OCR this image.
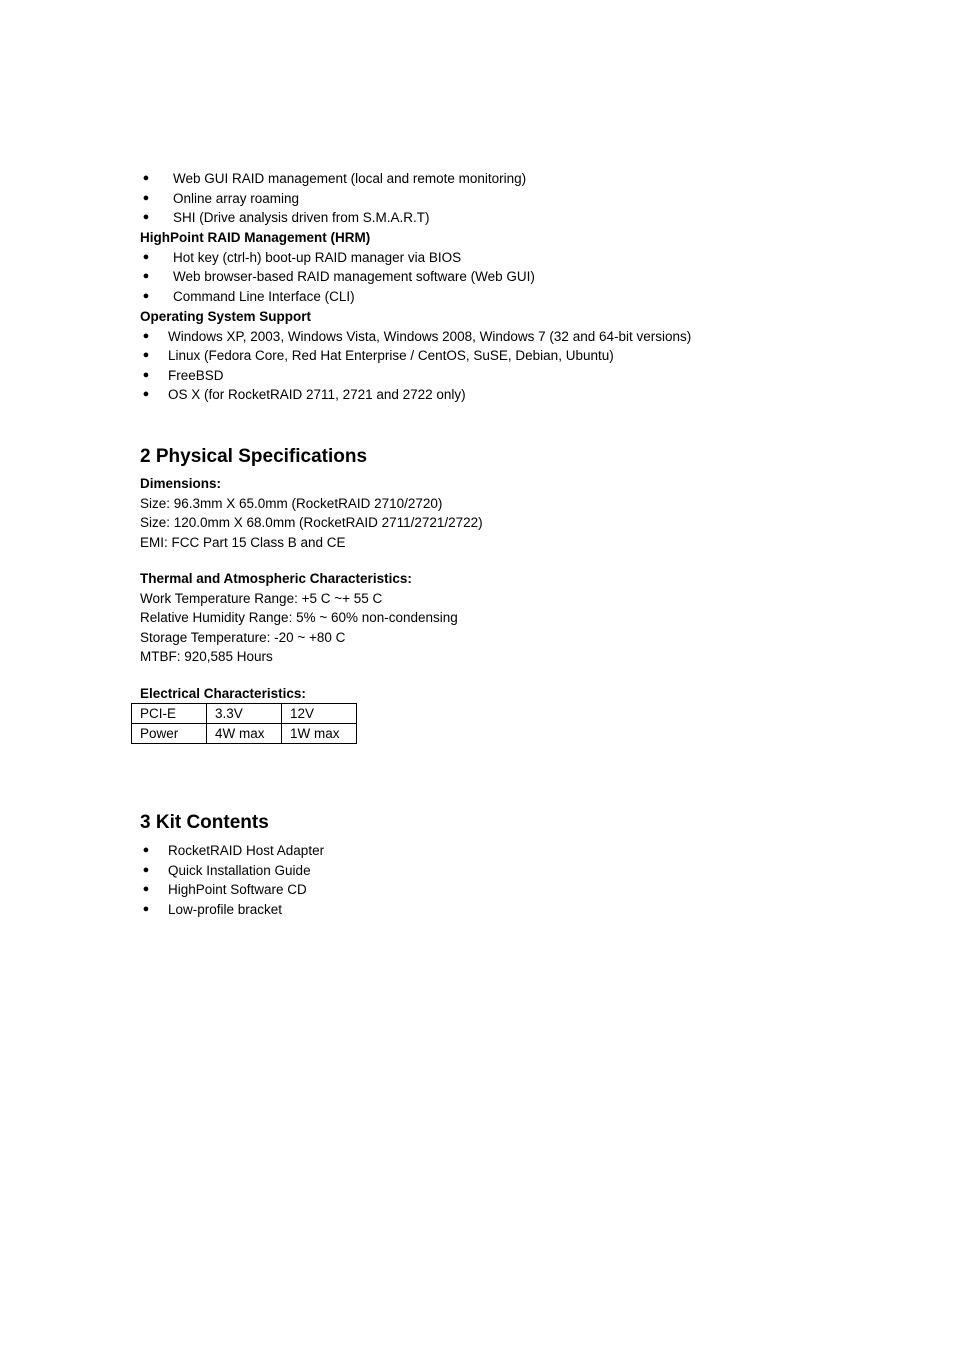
● Web GUI RAID management (local and remote monitoring)
● Online array roaming
● SHI (Drive analysis driven from S.M.A.R.T)
HighPoint RAID Management (HRM)
● Hot key (ctrl-h) boot-up RAID manager via BIOS
● Web browser-based RAID management software (Web GUI)
● Command Line Interface (CLI)
Operating System Support
● Windows XP, 2003, Windows Vista, Windows 2008, Windows 7 (32 and 64-bit versions)
● Linux (Fedora Core, Red Hat Enterprise / CentOS, SuSE, Debian, Ubuntu)
● FreeBSD
● OS X (for RocketRAID 2711, 2721 and 2722 only)
2 Physical Specifications
Dimensions:
Size: 96.3mm X 65.0mm (RocketRAID 2710/2720)
Size: 120.0mm X 68.0mm (RocketRAID 2711/2721/2722)
EMI: FCC Part 15 Class B and CE
Thermal and Atmospheric Characteristics:
Work Temperature Range: +5 C ~+ 55 C
Relative Humidity Range: 5% ~ 60% non-condensing
Storage Temperature: -20 ~ +80 C
MTBF: 920,585 Hours
Electrical Characteristics:
PCI-E	3.3V	12V
Power	4W max	1W max
3 Kit Contents
● RocketRAID Host Adapter
● Quick Installation Guide
● HighPoint Software CD
● Low-profile bracket
